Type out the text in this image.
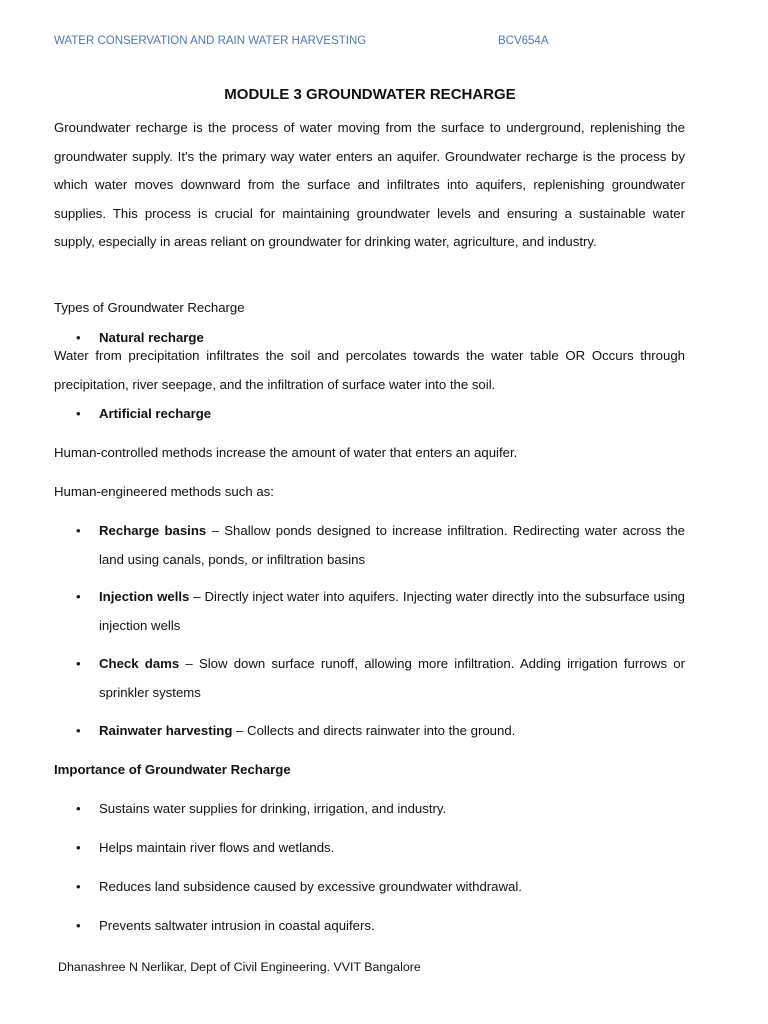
WATER CONSERVATION AND RAIN WATER HARVESTING	BCV654A
MODULE 3 GROUNDWATER RECHARGE

Groundwater recharge is the process of water moving from the surface to underground, replenishing the groundwater supply. It's the primary way water enters an aquifer. Groundwater recharge is the process by which water moves downward from the surface and infiltrates into aquifers, replenishing groundwater supplies. This process is crucial for maintaining groundwater levels and ensuring a sustainable water supply, especially in areas reliant on groundwater for drinking water, agriculture, and industry.

Types of Groundwater Recharge

• Natural recharge

Water from precipitation infiltrates the soil and percolates towards the water table OR Occurs through precipitation, river seepage, and the infiltration of surface water into the soil.

• Artificial recharge

Human-controlled methods increase the amount of water that enters an aquifer.

Human-engineered methods such as:

• Recharge basins – Shallow ponds designed to increase infiltration. Redirecting water across the land using canals, ponds, or infiltration basins

• Injection wells – Directly inject water into aquifers. Injecting water directly into the subsurface using injection wells

• Check dams – Slow down surface runoff, allowing more infiltration. Adding irrigation furrows or sprinkler systems

• Rainwater harvesting – Collects and directs rainwater into the ground.

Importance of Groundwater Recharge

• Sustains water supplies for drinking, irrigation, and industry.

• Helps maintain river flows and wetlands.

• Reduces land subsidence caused by excessive groundwater withdrawal.

• Prevents saltwater intrusion in coastal aquifers.

Dhanashree N Nerlikar, Dept of Civil Engineering. VVIT Bangalore
